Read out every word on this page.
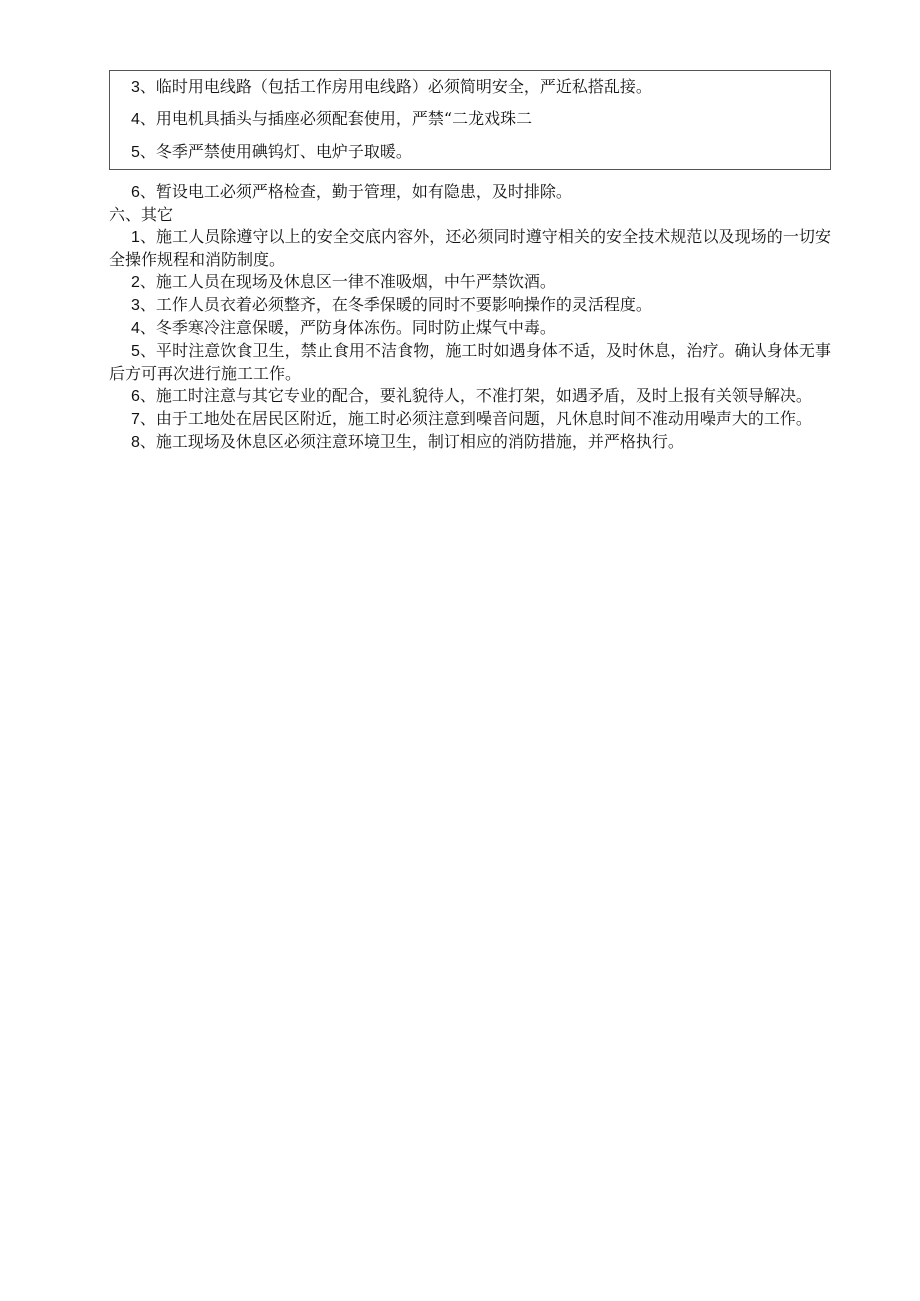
3、临时用电线路（包括工作房用电线路）必须简明安全，严近私搭乱接。
4、用电机具插头与插座必须配套使用，严禁“二龙戏珠二
5、冬季严禁使用碘钨灯、电炉子取暖。

6、暂设电工必须严格检查，勤于管理，如有隐患，及时排除。

六、其它

1、施工人员除遵守以上的安全交底内容外，还必须同时遵守相关的安全技术规范以及现场的一切安全操作规程和消防制度。

2、施工人员在现场及休息区一律不准吸烟，中午严禁饮酒。

3、工作人员衣着必须整齐，在冬季保暖的同时不要影响操作的灵活程度。

4、冬季寒冷注意保暖，严防身体冻伤。同时防止煤气中毒。

5、平时注意饮食卫生，禁止食用不洁食物，施工时如遇身体不适，及时休息，治疗。确认身体无事后方可再次进行施工工作。

6、施工时注意与其它专业的配合，要礼貌待人，不准打架，如遇矛盾，及时上报有关领导解决。

7、由于工地处在居民区附近，施工时必须注意到噪音问题，凡休息时间不准动用噪声大的工作。

8、施工现场及休息区必须注意环境卫生，制订相应的消防措施，并严格执行。
